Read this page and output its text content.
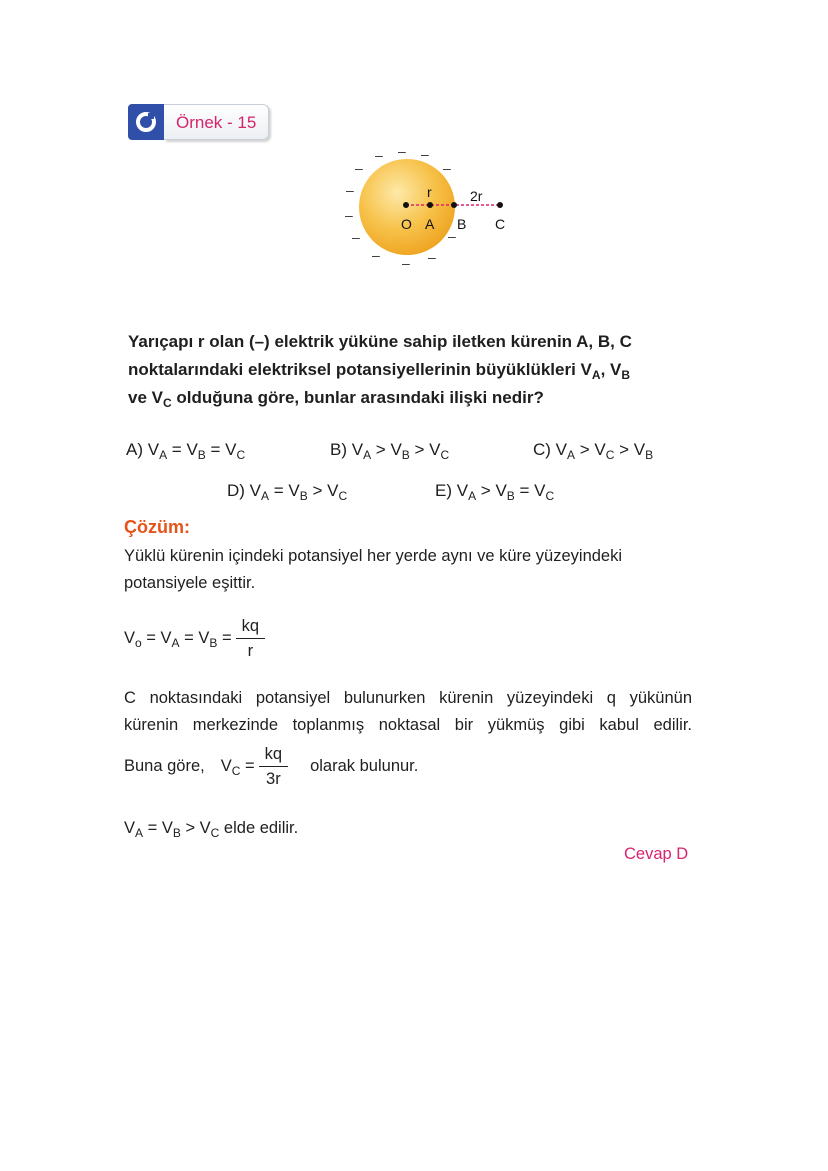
Örnek - 15
– – –
–	–
–
–
–
– – –
–
O A B C
r	2r
Yarıçapı r olan (–) elektrik yüküne sahip iletken kürenin A, B, C
noktalarındaki elektriksel potansiyellerinin büyüklükleri $V_A$, $V_B$
ve $V_C$ olduğuna göre, bunlar arasındaki ilişki nedir?
A) $V_A = V_B = V_C$	B) $V_A > V_B > V_C$	C) $V_A > V_C > V_B$
D) $V_A = V_B > V_C$	E) $V_A > V_B = V_C$
Çözüm:
Yüklü kürenin içindeki potansiyel her yerde aynı ve küre yüzeyindeki potansiyele eşittir.
$V_o = V_A = V_B = \frac{kq}{r}$
C noktasındaki potansiyel bulunurken kürenin yüzeyindeki q yükünün
kürenin merkezinde toplanmış noktasal bir yükmüş gibi kabul edilir.
Buna göre, $V_C = \frac{kq}{3r}$ olarak bulunur.
$V_A = V_B > V_C$ elde edilir.
Cevap D
